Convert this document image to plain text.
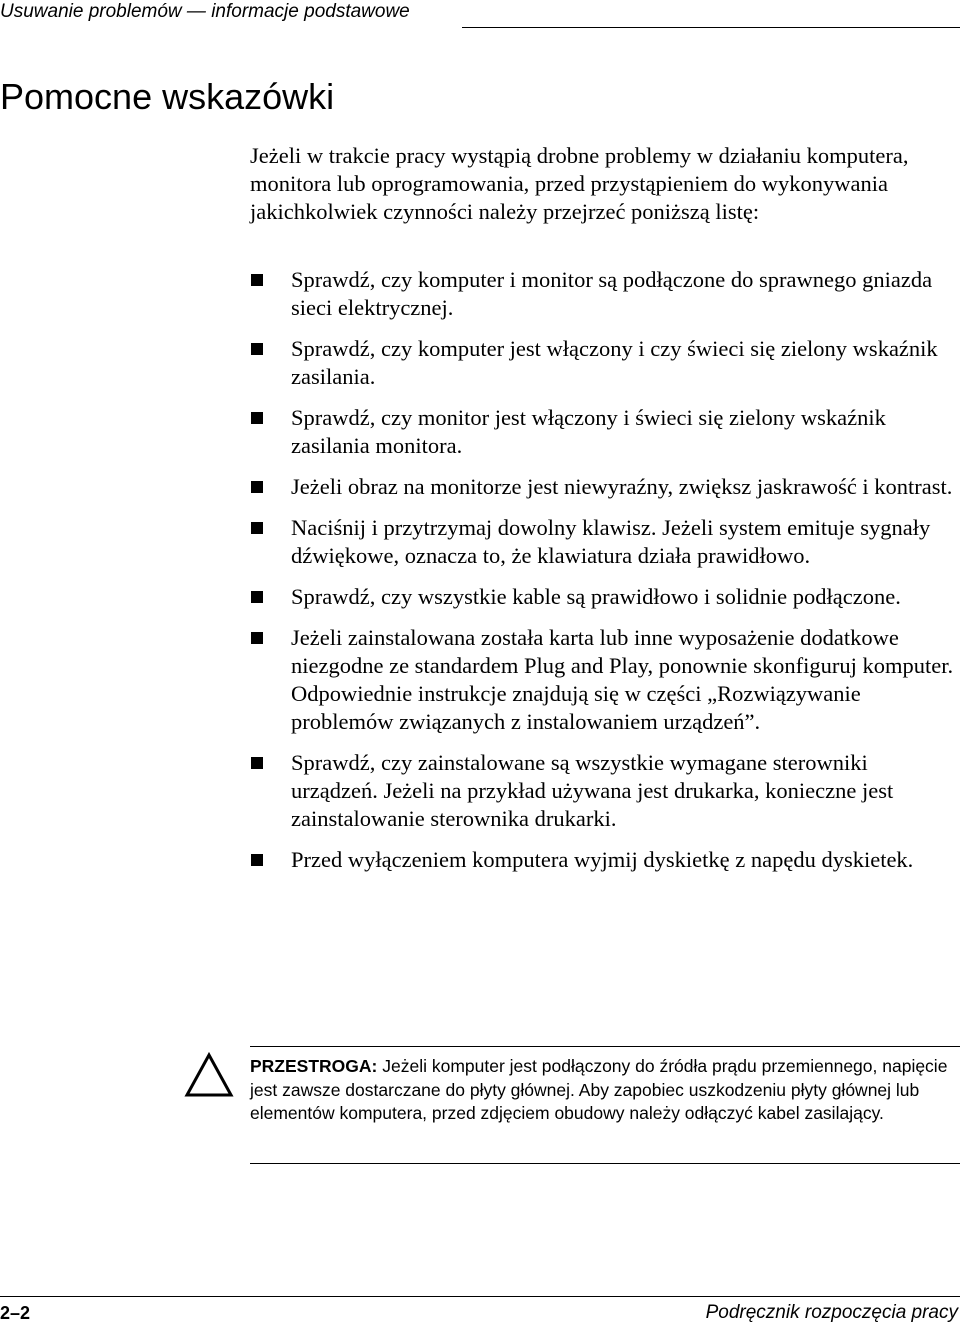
Usuwanie problemów — informacje podstawowe
Pomocne wskazówki

Jeżeli w trakcie pracy wystąpią drobne problemy w działaniu komputera, monitora lub oprogramowania, przed przystąpieniem do wykonywania jakichkolwiek czynności należy przejrzeć poniższą listę:

Sprawdź, czy komputer i monitor są podłączone do sprawnego gniazda sieci elektrycznej.
Sprawdź, czy komputer jest włączony i czy świeci się zielony wskaźnik zasilania.
Sprawdź, czy monitor jest włączony i świeci się zielony wskaźnik zasilania monitora.
Jeżeli obraz na monitorze jest niewyraźny, zwiększ jaskrawość i kontrast.
Naciśnij i przytrzymaj dowolny klawisz. Jeżeli system emituje sygnały dźwiękowe, oznacza to, że klawiatura działa prawidłowo.
Sprawdź, czy wszystkie kable są prawidłowo i solidnie podłączone.
Jeżeli zainstalowana została karta lub inne wyposażenie dodatkowe niezgodne ze standardem Plug and Play, ponownie skonfiguruj komputer. Odpowiednie instrukcje znajdują się w części „Rozwiązywanie problemów związanych z instalowaniem urządzeń”.
Sprawdź, czy zainstalowane są wszystkie wymagane sterowniki urządzeń. Jeżeli na przykład używana jest drukarka, konieczne jest zainstalowanie sterownika drukarki.
Przed wyłączeniem komputera wyjmij dyskietkę z napędu dyskietek.
PRZESTROGA: Jeżeli komputer jest podłączony do źródła prądu przemiennego, napięcie jest zawsze dostarczane do płyty głównej. Aby zapobiec uszkodzeniu płyty głównej lub elementów komputera, przed zdjęciem obudowy należy odłączyć kabel zasilający.
2–2	Podręcznik rozpoczęcia pracy
